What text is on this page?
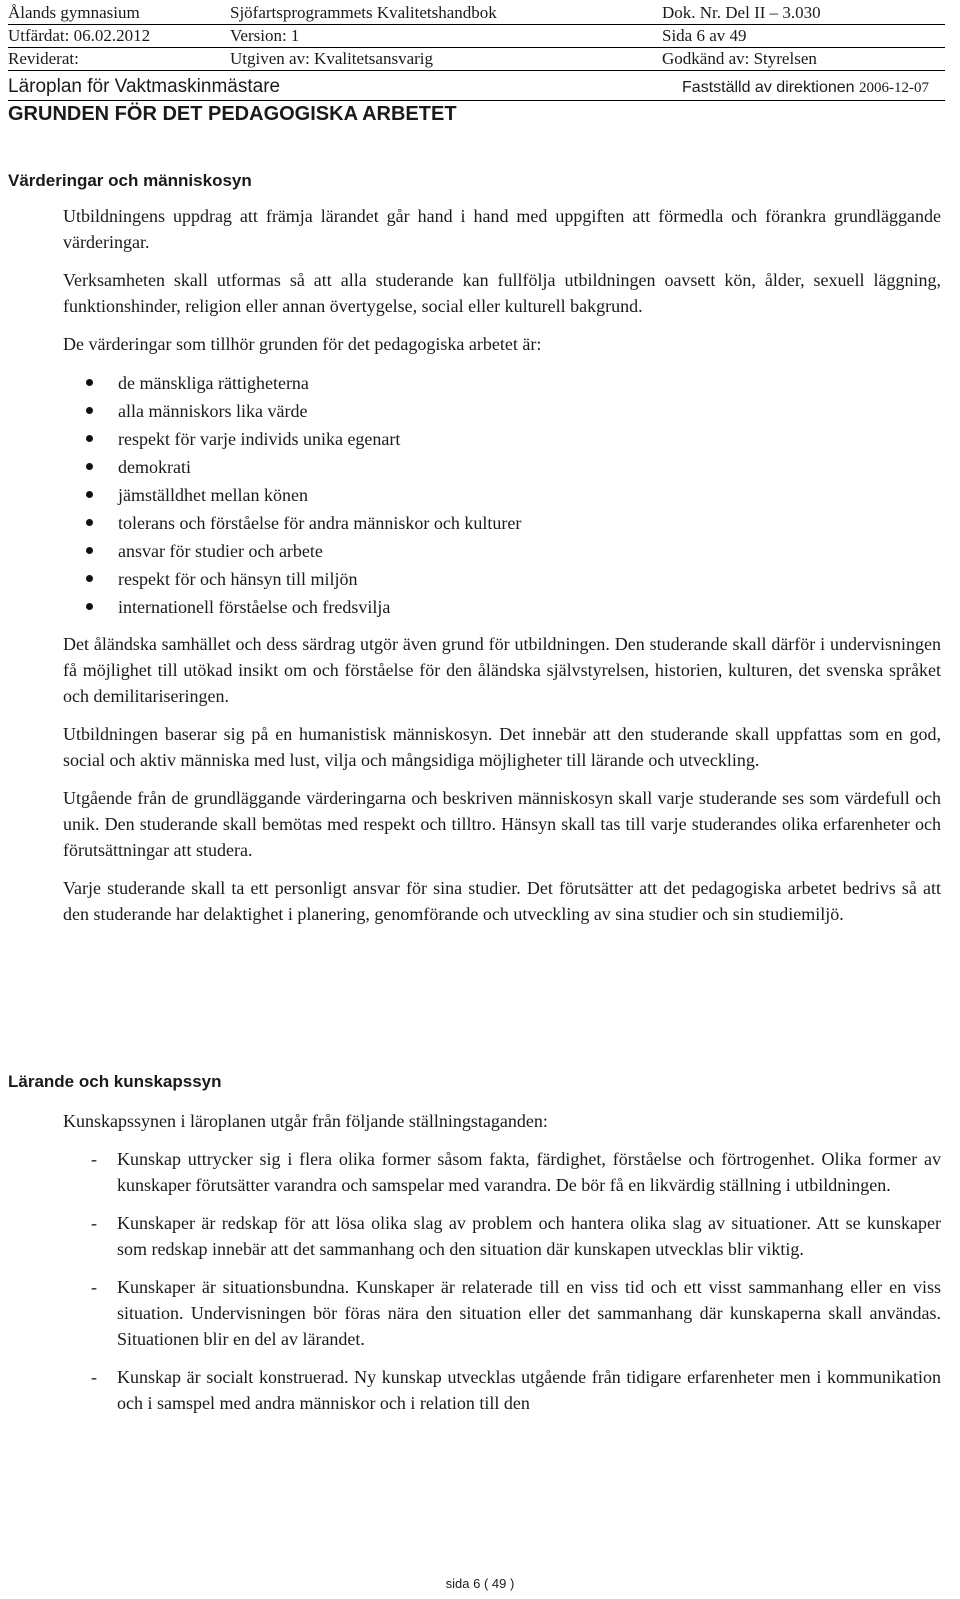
Ålands gymnasium	Sjöfartsprogrammets Kvalitetshandbok	Dok. Nr. Del II – 3.030
Utfärdat: 06.02.2012	Version: 1	Sida 6 av 49
Reviderat:	Utgiven av: Kvalitetsansvarig	Godkänd av: Styrelsen
Läroplan för Vaktmaskinmästare	Fastställd av direktionen 2006-12-07
GRUNDEN FÖR DET PEDAGOGISKA ARBETET
Värderingar och människosyn

Utbildningens uppdrag att främja lärandet går hand i hand med uppgiften att förmedla och förankra grundläggande värderingar.

Verksamheten skall utformas så att alla studerande kan fullfölja utbildningen oavsett kön, ålder, sexuell läggning, funktionshinder, religion eller annan övertygelse, social eller kulturell bakgrund.

De värderingar som tillhör grunden för det pedagogiska arbetet är:

de mänskliga rättigheterna
alla människors lika värde
respekt för varje individs unika egenart
demokrati
jämställdhet mellan könen
tolerans och förståelse för andra människor och kulturer
ansvar för studier och arbete
respekt för och hänsyn till miljön
internationell förståelse och fredsvilja

Det åländska samhället och dess särdrag utgör även grund för utbildningen. Den studerande skall därför i undervisningen få möjlighet till utökad insikt om och förståelse för den åländska självstyrelsen, historien, kulturen, det svenska språket och demilitariseringen.

Utbildningen baserar sig på en humanistisk människosyn. Det innebär att den studerande skall uppfattas som en god, social och aktiv människa med lust, vilja och mångsidiga möjligheter till lärande och utveckling.

Utgående från de grundläggande värderingarna och beskriven människosyn skall varje studerande ses som värdefull och unik. Den studerande skall bemötas med respekt och tilltro. Hänsyn skall tas till varje studerandes olika erfarenheter och förutsättningar att studera.

Varje studerande skall ta ett personligt ansvar för sina studier. Det förutsätter att det pedagogiska arbetet bedrivs så att den studerande har delaktighet i planering, genomförande och utveckling av sina studier och sin studiemiljö.

Lärande och kunskapssyn

Kunskapssynen i läroplanen utgår från följande ställningstaganden:

- Kunskap uttrycker sig i flera olika former såsom fakta, färdighet, förståelse och förtrogenhet. Olika former av kunskaper förutsätter varandra och samspelar med varandra. De bör få en likvärdig ställning i utbildningen.
- Kunskaper är redskap för att lösa olika slag av problem och hantera olika slag av situationer. Att se kunskaper som redskap innebär att det sammanhang och den situation där kunskapen utvecklas blir viktig.
- Kunskaper är situationsbundna. Kunskaper är relaterade till en viss tid och ett visst sammanhang eller en viss situation. Undervisningen bör föras nära den situation eller det sammanhang där kunskaperna skall användas. Situationen blir en del av lärandet.
- Kunskap är socialt konstruerad. Ny kunskap utvecklas utgående från tidigare erfarenheter men i kommunikation och i samspel med andra människor och i relation till den
sida 6 ( 49 )
